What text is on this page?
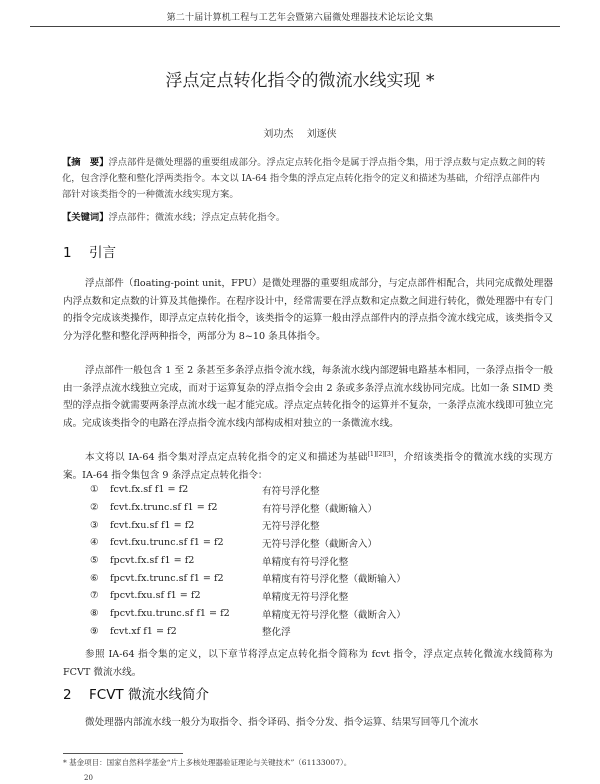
第二十届计算机工程与工艺年会暨第六届微处理器技术论坛论文集
浮点定点转化指令的微流水线实现 *
刘功杰 刘逐侠
【摘　要】浮点部件是微处理器的重要组成部分。浮点定点转化指令是属于浮点指令集，用于浮点数与定点数之间的转化，包含浮化整和整化浮两类指令。本文以 IA-64 指令集的浮点定点转化指令的定义和描述为基础，介绍浮点部件内部针对该类指令的一种微流水线实现方案。
【关键词】浮点部件；微流水线；浮点定点转化指令。
1 引言
浮点部件（floating-point unit，FPU）是微处理器的重要组成部分，与定点部件相配合，共同完成微处理器内浮点数和定点数的计算及其他操作。在程序设计中，经常需要在浮点数和定点数之间进行转化，微处理器中有专门的指令完成该类操作，即浮点定点转化指令，该类指令的运算一般由浮点部件内的浮点指令流水线完成，该类指令又分为浮化整和整化浮两种指令，两部分为 8~10 条具体指令。
浮点部件一般包含 1 至 2 条甚至多条浮点指令流水线，每条流水线内部逻辑电路基本相同，一条浮点指令一般由一条浮点流水线独立完成，而对于运算复杂的浮点指令会由 2 条或多条浮点流水线协同完成。比如一条 SIMD 类型的浮点指令就需要两条浮点流水线一起才能完成。浮点定点转化指令的运算并不复杂，一条浮点流水线即可独立完成。完成该类指令的电路在浮点指令流水线内部构成相对独立的一条微流水线。
本文将以 IA-64 指令集对浮点定点转化指令的定义和描述为基础[1][2][3]，介绍该类指令的微流水线的实现方案。IA-64 指令集包含 9 条浮点定点转化指令：
①	fcvt.fx.sf f1 = f2	有符号浮化整
②	fcvt.fx.trunc.sf f1 = f2	有符号浮化整（截断输入）
③	fcvt.fxu.sf f1 = f2	无符号浮化整
④	fcvt.fxu.trunc.sf f1 = f2	无符号浮化整（截断舍入）
⑤	fpcvt.fx.sf f1 = f2	单精度有符号浮化整
⑥	fpcvt.fx.trunc.sf f1 = f2	单精度有符号浮化整（截断输入）
⑦	fpcvt.fxu.sf f1 = f2	单精度无符号浮化整
⑧	fpcvt.fxu.trunc.sf f1 = f2	单精度无符号浮化整（截断舍入）
⑨	fcvt.xf f1 = f2	整化浮
参照 IA-64 指令集的定义，以下章节将浮点定点转化指令简称为 fcvt 指令，浮点定点转化微流水线简称为 FCVT 微流水线。
2 FCVT 微流水线简介
微处理器内部流水线一般分为取指令、指令译码、指令分发、指令运算、结果写回等几个流水
* 基金项目：国家自然科学基金“片上多核处理器验证理论与关键技术”（61133007）。
20
